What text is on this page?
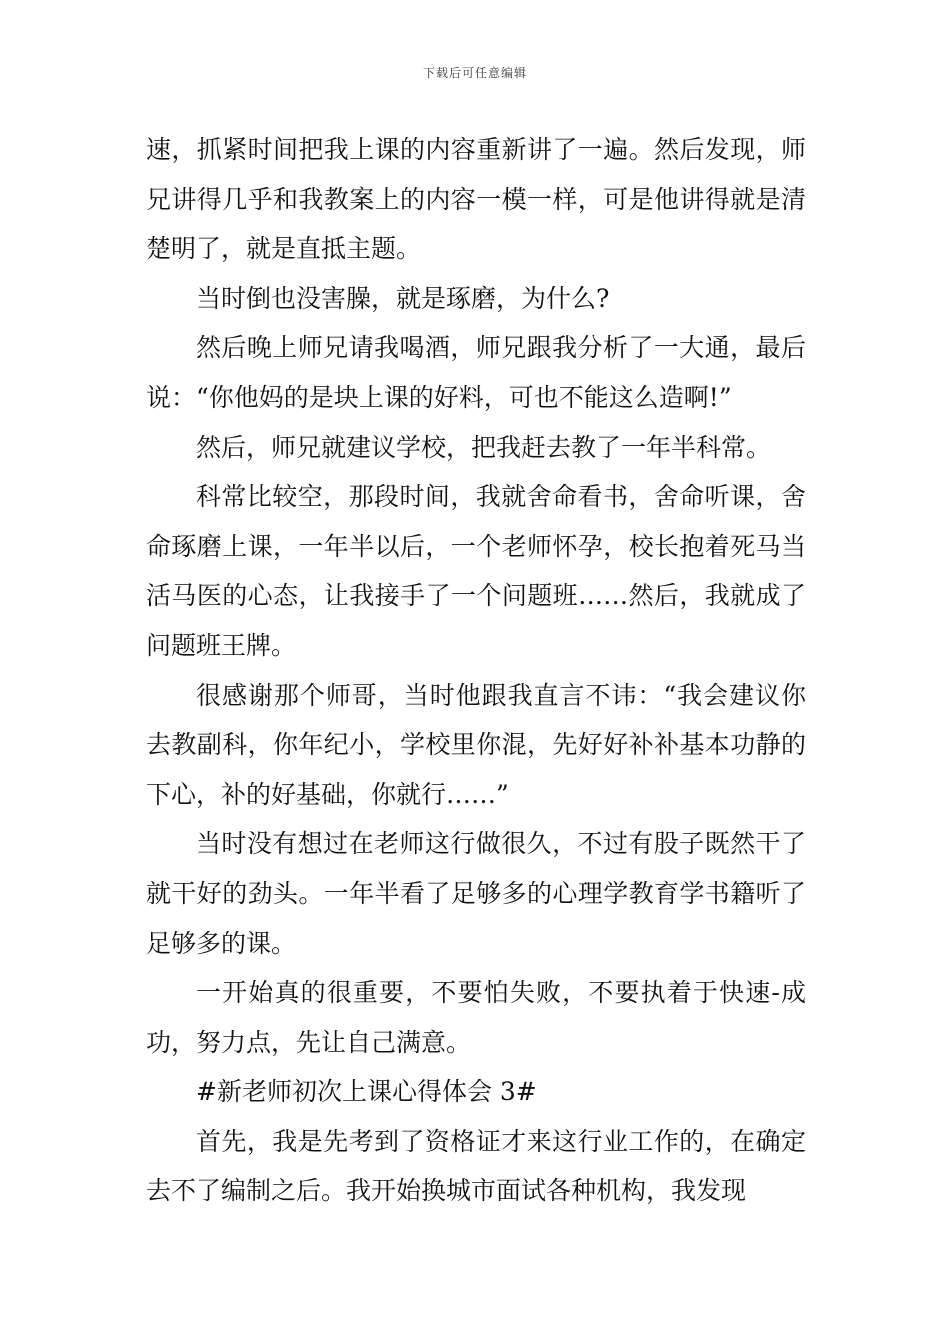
下载后可任意编辑

速，抓紧时间把我上课的内容重新讲了一遍。然后发现，师兄讲得几乎和我教案上的内容一模一样，可是他讲得就是清楚明了，就是直抵主题。

当时倒也没害臊，就是琢磨，为什么?

然后晚上师兄请我喝酒，师兄跟我分析了一大通，最后说：“你他妈的是块上课的好料，可也不能这么造啊!”

然后，师兄就建议学校，把我赶去教了一年半科常。

科常比较空，那段时间，我就舍命看书，舍命听课，舍命琢磨上课，一年半以后，一个老师怀孕，校长抱着死马当活马医的心态，让我接手了一个问题班……然后，我就成了问题班王牌。

很感谢那个师哥，当时他跟我直言不讳：“我会建议你去教副科，你年纪小，学校里你混，先好好补补基本功静的下心，补的好基础，你就行……”

当时没有想过在老师这行做很久，不过有股子既然干了就干好的劲头。一年半看了足够多的心理学教育学书籍听了足够多的课。

一开始真的很重要，不要怕失败，不要执着于快速-成功，努力点，先让自己满意。

#新老师初次上课心得体会 3#

首先，我是先考到了资格证才来这行业工作的，在确定去不了编制之后。我开始换城市面试各种机构，我发现
